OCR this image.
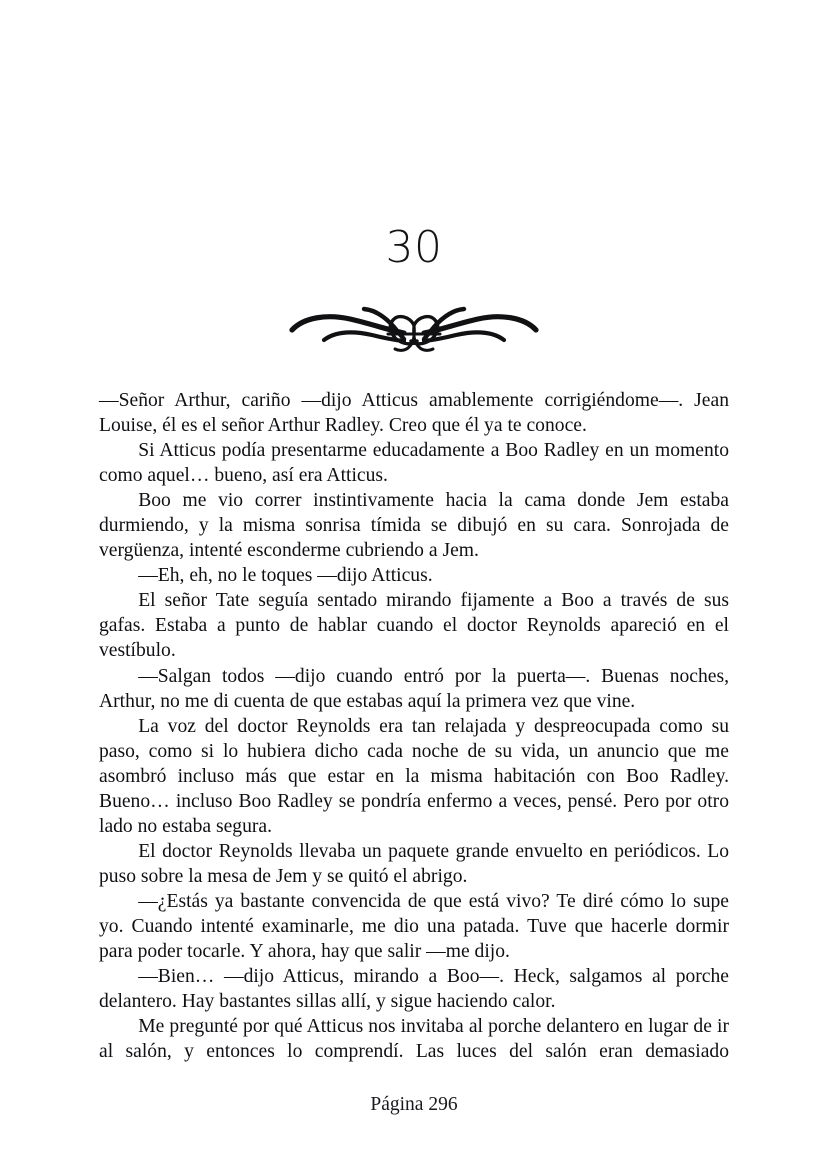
30

—Señor Arthur, cariño —dijo Atticus amablemente corrigiéndome—. Jean Louise, él es el señor Arthur Radley. Creo que él ya te conoce.

Si Atticus podía presentarme educadamente a Boo Radley en un momento como aquel… bueno, así era Atticus.

Boo me vio correr instintivamente hacia la cama donde Jem estaba durmiendo, y la misma sonrisa tímida se dibujó en su cara. Sonrojada de vergüenza, intenté esconderme cubriendo a Jem.

—Eh, eh, no le toques —dijo Atticus.

El señor Tate seguía sentado mirando fijamente a Boo a través de sus gafas. Estaba a punto de hablar cuando el doctor Reynolds apareció en el vestíbulo.

—Salgan todos —dijo cuando entró por la puerta—. Buenas noches, Arthur, no me di cuenta de que estabas aquí la primera vez que vine.

La voz del doctor Reynolds era tan relajada y despreocupada como su paso, como si lo hubiera dicho cada noche de su vida, un anuncio que me asombró incluso más que estar en la misma habitación con Boo Radley. Bueno… incluso Boo Radley se pondría enfermo a veces, pensé. Pero por otro lado no estaba segura.

El doctor Reynolds llevaba un paquete grande envuelto en periódicos. Lo puso sobre la mesa de Jem y se quitó el abrigo.

—¿Estás ya bastante convencida de que está vivo? Te diré cómo lo supe yo. Cuando intenté examinarle, me dio una patada. Tuve que hacerle dormir para poder tocarle. Y ahora, hay que salir —me dijo.

—Bien… —dijo Atticus, mirando a Boo—. Heck, salgamos al porche delantero. Hay bastantes sillas allí, y sigue haciendo calor.

Me pregunté por qué Atticus nos invitaba al porche delantero en lugar de ir al salón, y entonces lo comprendí. Las luces del salón eran demasiado

Página 296
